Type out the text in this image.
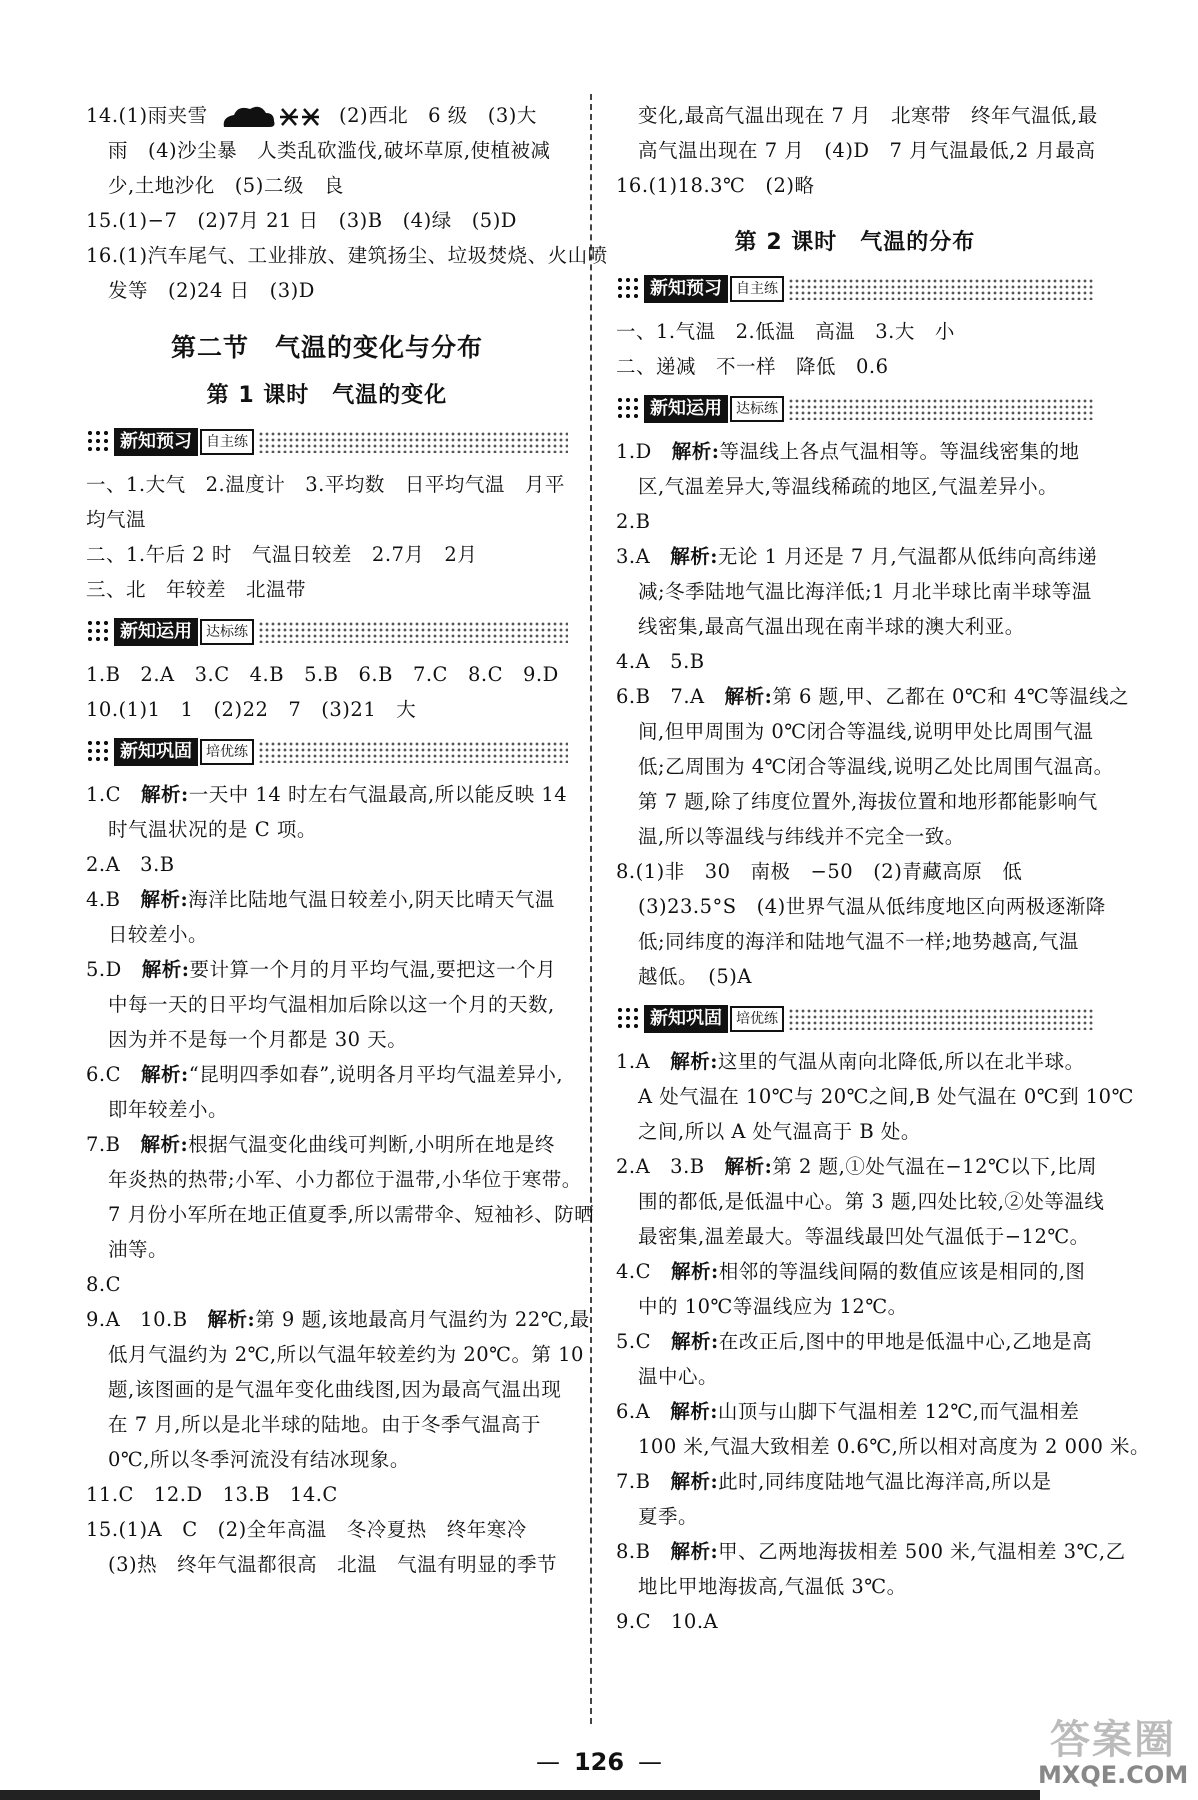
14.(1)雨夹雪	(2)西北　6 级　(3)大
雨　(4)沙尘暴　人类乱砍滥伐,破坏草原,使植被减
少,土地沙化　(5)二级　良
15.(1)−7　(2)7月 21 日　(3)B　(4)绿　(5)D
16.(1)汽车尾气、工业排放、建筑扬尘、垃圾焚烧、火山喷
发等　(2)24 日　(3)D
第二节　气温的变化与分布
第 1 课时　气温的变化
新知预习	自主练
一、1.大气　2.温度计　3.平均数　日平均气温　月平
均气温
二、1.午后 2 时　气温日较差　2.7月　2月
三、北　年较差　北温带
新知运用	达标练
1.B　2.A　3.C　4.B　5.B　6.B　7.C　8.C　9.D
10.(1)1　1　(2)22　7　(3)21　大
新知巩固	培优练
1.C　解析:一天中 14 时左右气温最高,所以能反映 14
时气温状况的是 C 项。
2.A　3.B
4.B　解析:海洋比陆地气温日较差小,阴天比晴天气温
日较差小。
5.D　解析:要计算一个月的月平均气温,要把这一个月
中每一天的日平均气温相加后除以这一个月的天数,
因为并不是每一个月都是 30 天。
6.C　解析:“昆明四季如春”,说明各月平均气温差异小,
即年较差小。
7.B　解析:根据气温变化曲线可判断,小明所在地是终
年炎热的热带;小军、小力都位于温带,小华位于寒带。
7 月份小军所在地正值夏季,所以需带伞、短袖衫、防晒
油等。
8.C
9.A　10.B　解析:第 9 题,该地最高月气温约为 22℃,最
低月气温约为 2℃,所以气温年较差约为 20℃。第 10
题,该图画的是气温年变化曲线图,因为最高气温出现
在 7 月,所以是北半球的陆地。由于冬季气温高于
0℃,所以冬季河流没有结冰现象。
11.C　12.D　13.B　14.C
15.(1)A　C　(2)全年高温　冬冷夏热　终年寒冷
(3)热　终年气温都很高　北温　气温有明显的季节
变化,最高气温出现在 7 月　北寒带　终年气温低,最
高气温出现在 7 月　(4)D　7 月气温最低,2 月最高
16.(1)18.3℃　(2)略
第 2 课时　气温的分布
新知预习	自主练
一、1.气温　2.低温　高温　3.大　小
二、递减　不一样　降低　0.6
新知运用	达标练
1.D　解析:等温线上各点气温相等。等温线密集的地
区,气温差异大,等温线稀疏的地区,气温差异小。
2.B
3.A　解析:无论 1 月还是 7 月,气温都从低纬向高纬递
减;冬季陆地气温比海洋低;1 月北半球比南半球等温
线密集,最高气温出现在南半球的澳大利亚。
4.A　5.B
6.B　7.A　解析:第 6 题,甲、乙都在 0℃和 4℃等温线之
间,但甲周围为 0℃闭合等温线,说明甲处比周围气温
低;乙周围为 4℃闭合等温线,说明乙处比周围气温高。
第 7 题,除了纬度位置外,海拔位置和地形都能影响气
温,所以等温线与纬线并不完全一致。
8.(1)非　30　南极　−50　(2)青藏高原　低
(3)23.5°S　(4)世界气温从低纬度地区向两极逐渐降
低;同纬度的海洋和陆地气温不一样;地势越高,气温
越低。　(5)A
新知巩固	培优练
1.A　解析:这里的气温从南向北降低,所以在北半球。
A 处气温在 10℃与 20℃之间,B 处气温在 0℃到 10℃
之间,所以 A 处气温高于 B 处。
2.A　3.B　解析:第 2 题,①处气温在−12℃以下,比周
围的都低,是低温中心。第 3 题,四处比较,②处等温线
最密集,温差最大。等温线最凹处气温低于−12℃。
4.C　解析:相邻的等温线间隔的数值应该是相同的,图
中的 10℃等温线应为 12℃。
5.C　解析:在改正后,图中的甲地是低温中心,乙地是高
温中心。
6.A　解析:山顶与山脚下气温相差 12℃,而气温相差
100 米,气温大致相差 0.6℃,所以相对高度为 2 000 米。
7.B　解析:此时,同纬度陆地气温比海洋高,所以是
夏季。
8.B　解析:甲、乙两地海拔相差 500 米,气温相差 3℃,乙
地比甲地海拔高,气温低 3℃。
9.C　10.A
— 126 —	答案圈
MXQE.COM
